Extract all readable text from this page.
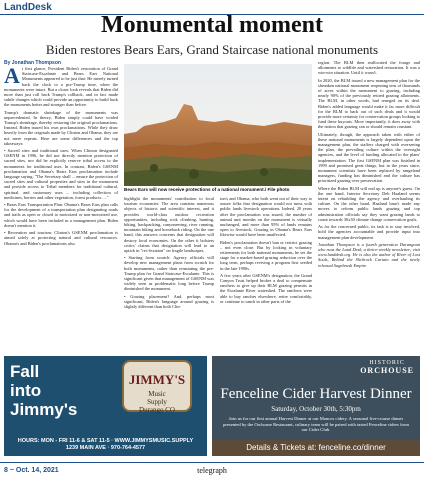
LandDesk
Monumental moment
Biden restores Bears Ears, Grand Staircase national monuments
By Jonathan Thompson
A t first glance, President Biden's restoration of Grand Staircase-Escalante and Bears Ears National Monuments appeared to be just that: He merely turned back the clock to a pre-Trump time, when the monuments were intact. But a closer look reveals that Biden did more than just roll back Trump's rollback, and in fact made subtle changes which could provide an opportunity to build back the monuments better and stronger than before.

Trump's dramatic shrinkage of the monuments was unprecedented. In theory, Biden simply could have voided Trump's shrinkage, thereby restoring the original proclamations. Instead, Biden issued his own proclamations. While they draw heavily from the originals made by Clinton and Obama, they are not mere repeats. Here are some differences and the top takeaways:

• Sacred sites and traditional uses: When Clinton designated GSENM in 1996, he did not directly mention protection of sacred sites, nor did he explicitly reserve tribal access to the monuments for traditional uses. In contrast, Biden's GSENM proclamation and Obama's Bears Ears proclamation include language saying, "The Secretary shall ... ensure the protection of sacred sites and cultural properties and sites in the monument and provide access to Tribal members for traditional cultural, spiritual, and customary uses ... including collection of medicines, berries and other vegetation, forest products ...."

• Bears Ears Transportation Plan: Obama's Bears Ears plan calls for the development of a transportation plan designating roads and trails as open or closed to motorized or non-motorized use, which would have been included in a management plan. Biden doesn't mention it.

• Recreation and tourism: Clinton's GSENM proclamation is aimed solely at protecting natural and cultural resources. Obama's and Biden's proclamations also

Bears Ears will now receive protections of a national monument./ File photo

highlight the monuments' contribution to local tourism economies. The area contains numerous objects of historic and scientific interest, and it provides world-class outdoor recreation opportunities, including rock climbing, hunting, hiking, backpacking, canyoneering, river running, mountain biking and horseback riding. On the one hand, this answers concerns that designation will destroy local economies. On the other it bolsters critics' claims that designation will lead to an uptick in "rec-lexation" on fragile landscapes.

• Starting from scratch: Agency officials will develop new management plans from scratch for both monuments, rather than reinstating the pre-Trump plan for Grand Staircase-Escalante. This is significant given that management of GSENM was widely seen as problematic long before Trump diminished the monument.

• Grazing placement? And, perhaps most significant, Biden's language around grazing is slightly different than both Clin-

ton's and Obama, who both went out of their way to assure folks that designation would not mess with public lands livestock operations. Indeed, 20 years after the proclamation was issued, the number of animal unit months on the monument is virtually unchanged, and more than 95% of lands remains open to livestock. Grazing in Obama's Bears Ears likewise would have been unaffected.

Biden's proclamation doesn't ban or restrict grazing – not even close. But by locking in voluntary retirements for both national monuments, he set the stage for a market-based grazing reduction over the long term, perhaps reviving a program first seeded in the late 1990s.

A few years after GSENM's designation, the Grand Canyon Trust helped broker a deal to compensate ranchers to give up their BLM grazing permits in the Escalante River watershed. The ranchers were able to buy ranches elsewhere, retire comfortably, or continue to ranch in other parts of the

region. The BLM then reallocated the forage and allotments to wildlife and watershed restoration. It was a win-win situation. Until it wasn't.

In 2020, the BLM issued a new management plan for the shrunken national monument reopening tens of thousands of acres within the monument to grazing, including nearly 90% of the previously retired grazing allotments. The BLM, in other words, had reneged on its deal. Biden's added language would make it far more difficult for the BLM to back out of such deals and it would provide more certainty for conservation groups looking to fund these buyouts. More importantly, it does away with the notion that grazing can or should remain constant.

Ultimately, though, the approach taken with either of these national monuments is largely dependent upon the management plan, the staffers charged with overseeing the plan, the prevailing culture within the oversight agencies, and the level of funding allocated to the plans' implementation. The first GSENM plan was finished in 1999 and promised great things, but in the years since, monument scientists have been replaced by rangeland managers, funding has diminished and the culture has prioritized grazing over preservation.

Where the Biden BLM will end up is anyone's guess. On the one hand, Interior Secretary Deb Haaland seems intent on rebuilding the agency and overhauling its culture. On the other hand, Haaland hasn't made any moves to reform public lands grazing and top administration officials say they want grazing lands to count towards 30x30 climate change conservation goals.

As for the concerned public, its task is to stay involved, hold the agencies accountable and provide input into management plan development.

Jonathan Thompson is a fourth generation Durangoan who runs the Land Desk, a thrice-weekly newsletter; visit www.landdesk.org. He is also the author of River of Lost Souls, Behind the Slickrock Curtain and the newly released Sagebrush Empire.

Fall
into
Jimmy's
JIMMY'S
Music
Supply
Durango CO
HOURS: MON - FRI 11-6 & SAT 11-5 · WWW.JIMMYSMUSIC.SUPPLY
1239 MAIN AVE · 970-764-4577
HISTORIC
ORCHOUSE
Fenceline Cider Harvest Dinner
Saturday, October 30th, 5:30pm
Join us for our first annual Harvest Dinner at our Mancos cidery. A seasonal five-course dinner presented by the Orchouse Restaurant, culinary team will be paired with tasted Fenceline ciders from our Cider Club.
Details & Tickets at: fenceline.co/dinner
8 ~ Oct. 14, 2021	telegraph
